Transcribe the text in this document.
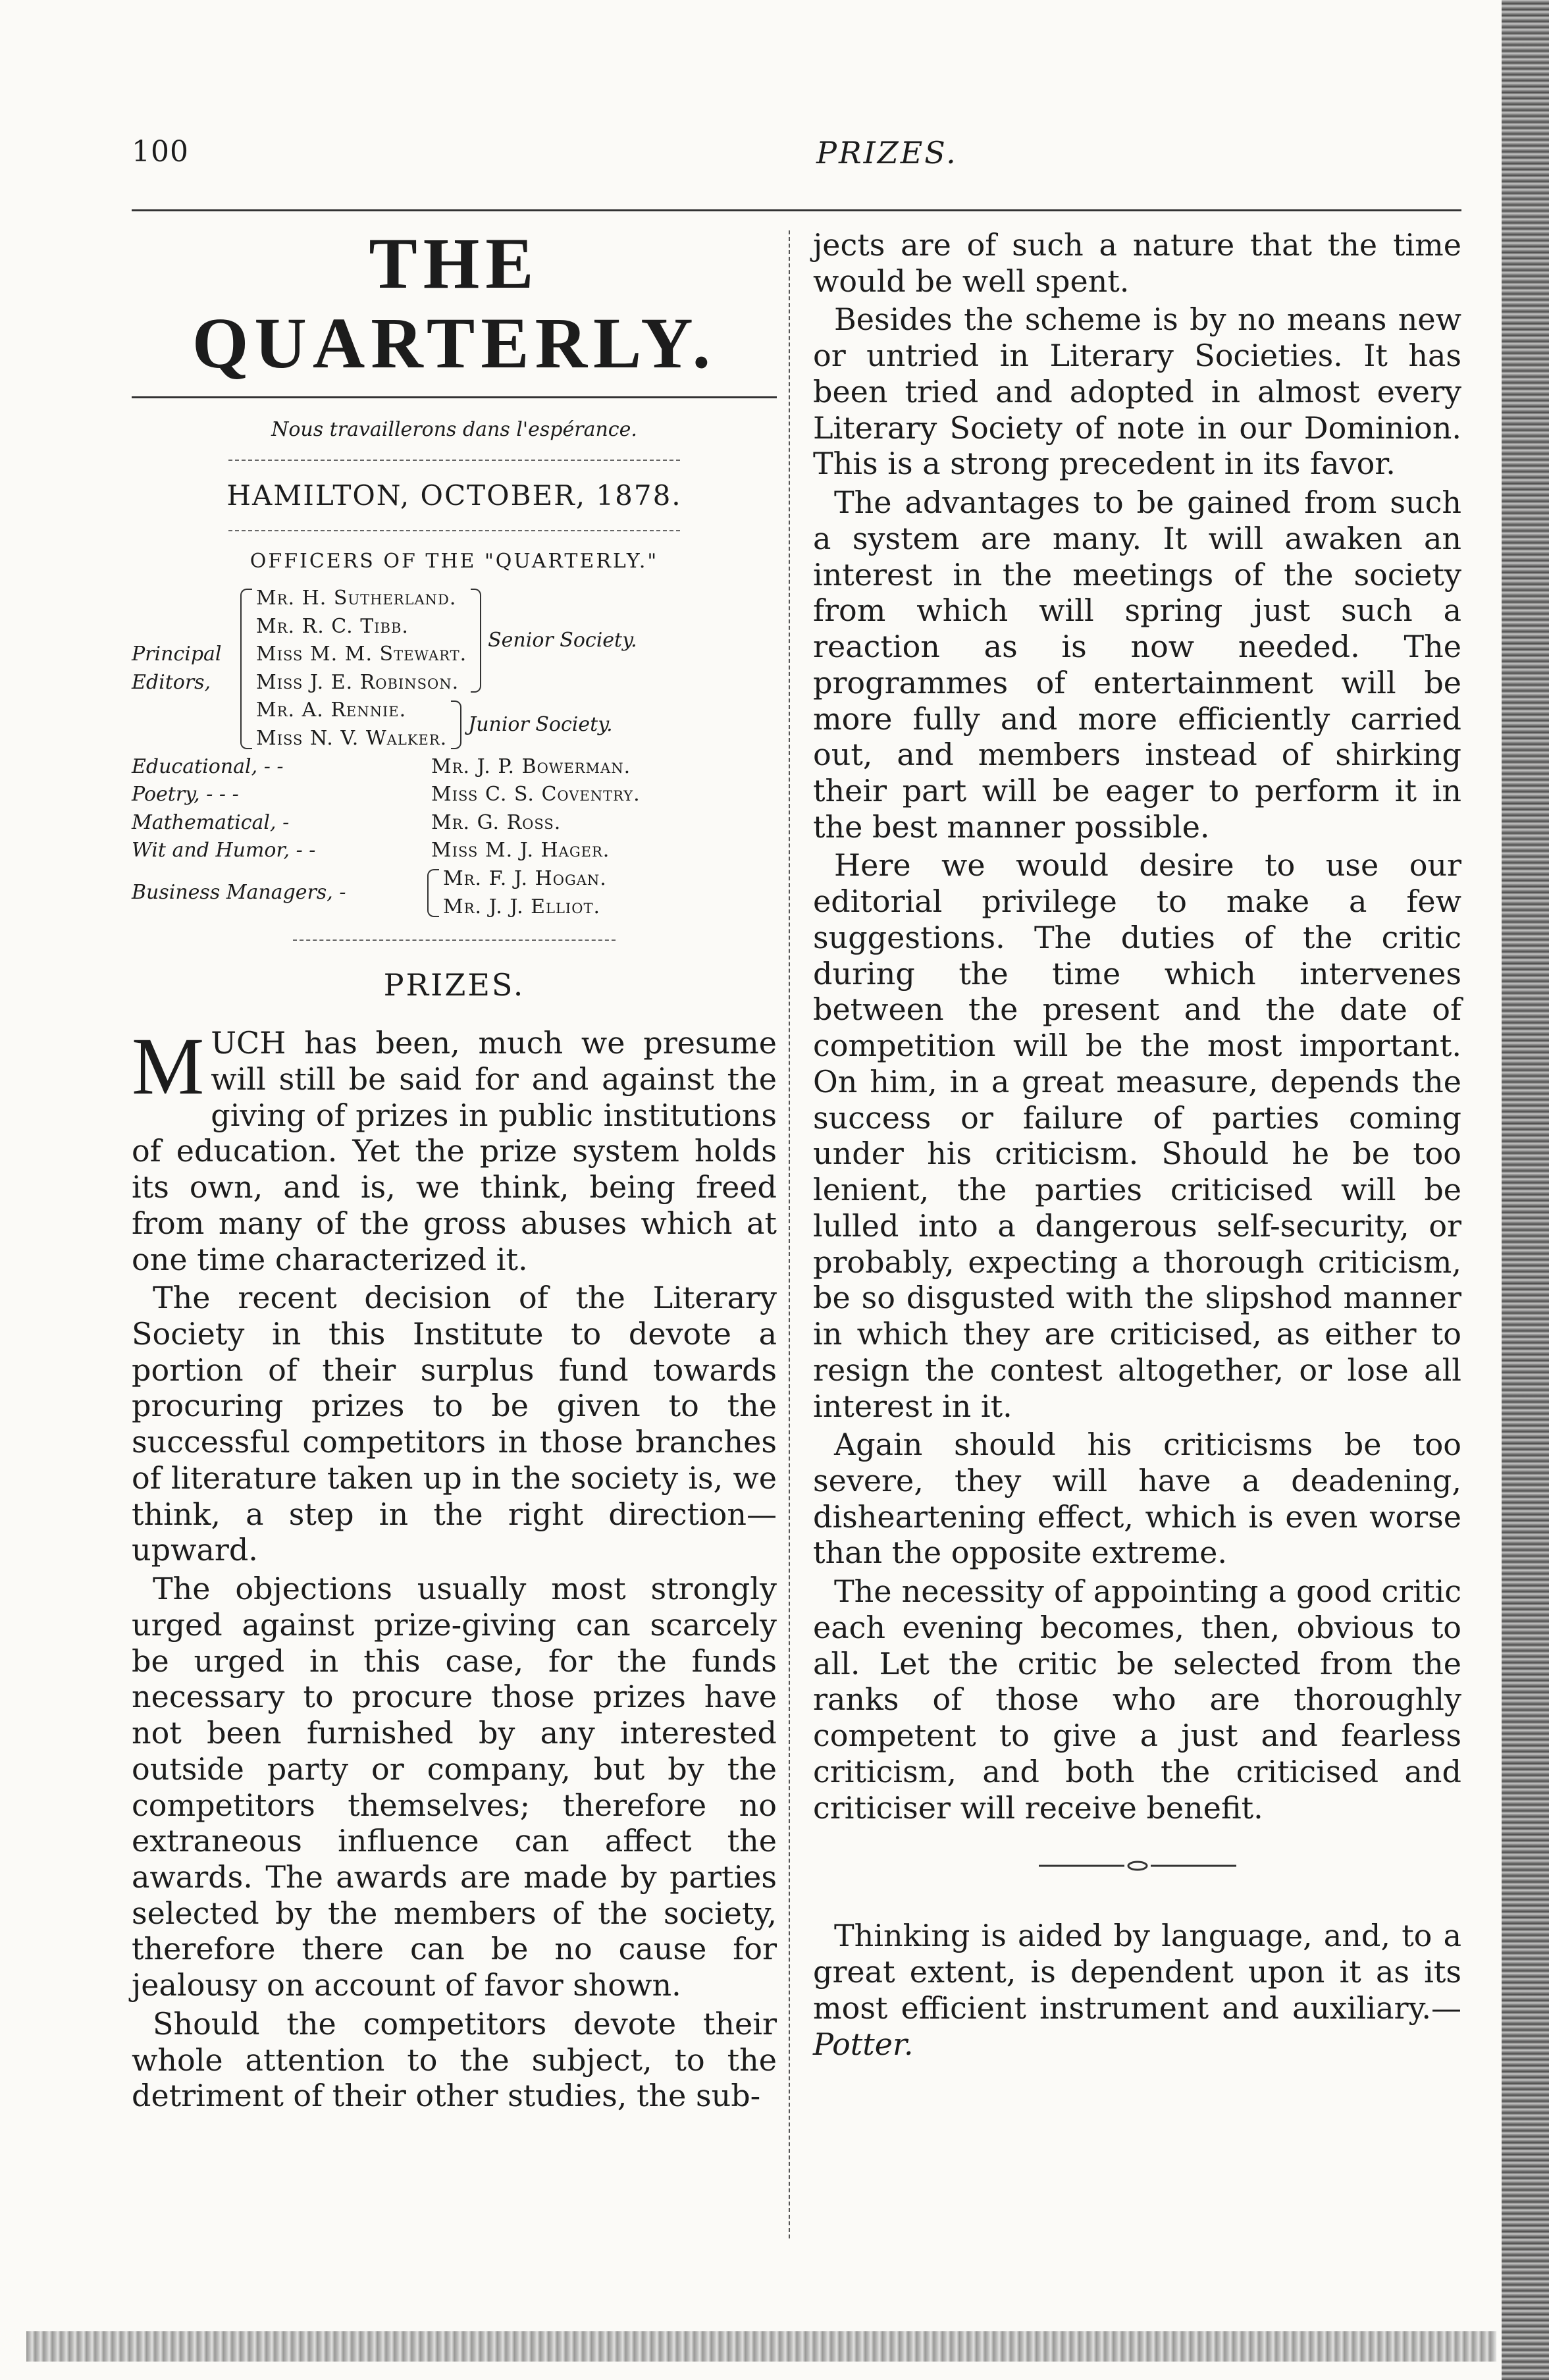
100	PRIZES.
THE QUARTERLY.
Nous travaillerons dans l'espérance.
HAMILTON, OCTOBER, 1878.
OFFICERS OF THE "QUARTERLY."
Principal
Editors,
Mr. H. Sutherland.
Mr. R. C. Tibb.
Miss M. M. Stewart.
Miss J. E. Robinson.
Senior Society.
Mr. A. Rennie.
Miss N. V. Walker.
Junior Society.
Educational, - -	Mr. J. P. Bowerman.
Poetry, - - -	Miss C. S. Coventry.
Mathematical, -	Mr. G. Ross.
Wit and Humor, - -	Miss M. J. Hager.
Business Managers, -
Mr. F. J. Hogan.
Mr. J. J. Elliot.
PRIZES.

MUCH has been, much we presume will still be said for and against the giving of prizes in public institutions of education. Yet the prize system holds its own, and is, we think, being freed from many of the gross abuses which at one time characterized it.

The recent decision of the Literary Society in this Institute to devote a portion of their surplus fund towards procuring prizes to be given to the successful competitors in those branches of literature taken up in the society is, we think, a step in the right direction—upward.

The objections usually most strongly urged against prize-giving can scarcely be urged in this case, for the funds necessary to procure those prizes have not been furnished by any interested outside party or company, but by the competitors themselves; therefore no extraneous influence can affect the awards. The awards are made by parties selected by the members of the society, therefore there can be no cause for jealousy on account of favor shown.

Should the competitors devote their whole attention to the subject, to the detriment of their other studies, the sub-

jects are of such a nature that the time would be well spent.

Besides the scheme is by no means new or untried in Literary Societies. It has been tried and adopted in almost every Literary Society of note in our Dominion. This is a strong precedent in its favor.

The advantages to be gained from such a system are many. It will awaken an interest in the meetings of the society from which will spring just such a reaction as is now needed. The programmes of entertainment will be more fully and more efficiently carried out, and members instead of shirking their part will be eager to perform it in the best manner possible.

Here we would desire to use our editorial privilege to make a few suggestions. The duties of the critic during the time which intervenes between the present and the date of competition will be the most important. On him, in a great measure, depends the success or failure of parties coming under his criticism. Should he be too lenient, the parties criticised will be lulled into a dangerous self-security, or probably, expecting a thorough criticism, be so disgusted with the slipshod manner in which they are criticised, as either to resign the contest altogether, or lose all interest in it.

Again should his criticisms be too severe, they will have a deadening, disheartening effect, which is even worse than the opposite extreme.

The necessity of appointing a good critic each evening becomes, then, obvious to all. Let the critic be selected from the ranks of those who are thoroughly competent to give a just and fearless criticism, and both the criticised and criticiser will receive benefit.

Thinking is aided by language, and, to a great extent, is dependent upon it as its most efficient instrument and auxiliary.—Potter.
